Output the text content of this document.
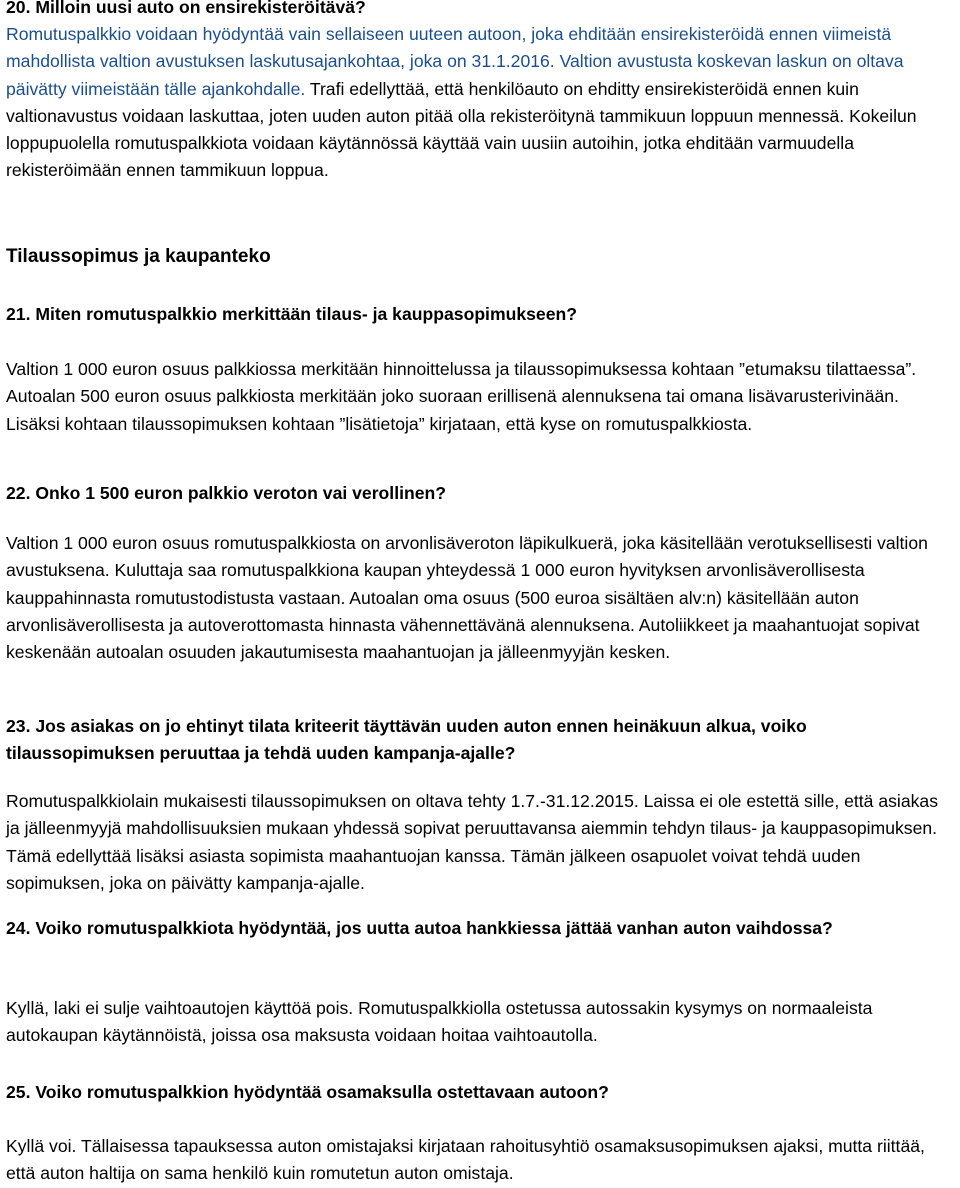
20. Milloin uusi auto on ensirekisteröitävä?

Romutuspalkkio voidaan hyödyntää vain sellaiseen uuteen autoon, joka ehditään ensirekisteröidä ennen viimeistä mahdollista valtion avustuksen laskutusajankohtaa, joka on 31.1.2016. Valtion avustusta koskevan laskun on oltava päivätty viimeistään tälle ajankohdalle. Trafi edellyttää, että henkilöauto on ehditty ensirekisteröidä ennen kuin valtionavustus voidaan laskuttaa, joten uuden auton pitää olla rekisteröitynä tammikuun loppuun mennessä. Kokeilun loppupuolella romutuspalkkiota voidaan käytännössä käyttää vain uusiin autoihin, jotka ehditään varmuudella rekisteröimään ennen tammikuun loppua.

Tilaussopimus ja kaupanteko

21. Miten romutuspalkkio merkittään tilaus- ja kauppasopimukseen?

Valtion 1 000 euron osuus palkkiossa merkitään hinnoittelussa ja tilaussopimuksessa kohtaan ”etumaksu tilattaessa”. Autoalan 500 euron osuus palkkiosta merkitään joko suoraan erillisenä alennuksena tai omana lisävarusterivinään. Lisäksi kohtaan tilaussopimuksen kohtaan ”lisätietoja” kirjataan, että kyse on romutuspalkkiosta.

22. Onko 1 500 euron palkkio veroton vai verollinen?

Valtion 1 000 euron osuus romutuspalkkiosta on arvonlisäveroton läpikulkuerä, joka käsitellään verotuksellisesti valtion avustuksena. Kuluttaja saa romutuspalkkiona kaupan yhteydessä 1 000 euron hyvityksen arvonlisäverollisesta kauppahinnasta romutustodistusta vastaan. Autoalan oma osuus (500 euroa sisältäen alv:n) käsitellään auton arvonlisäverollisesta ja autoverottomasta hinnasta vähennettävänä alennuksena. Autoliikkeet ja maahantuojat sopivat keskenään autoalan osuuden jakautumisesta maahantuojan ja jälleenmyyjän kesken.

23. Jos asiakas on jo ehtinyt tilata kriteerit täyttävän uuden auton ennen heinäkuun alkua, voiko tilaussopimuksen peruuttaa ja tehdä uuden kampanja-ajalle?

Romutuspalkkiolain mukaisesti tilaussopimuksen on oltava tehty 1.7.-31.12.2015. Laissa ei ole estettä sille, että asiakas ja jälleenmyyjä mahdollisuuksien mukaan yhdessä sopivat peruuttavansa aiemmin tehdyn tilaus- ja kauppasopimuksen. Tämä edellyttää lisäksi asiasta sopimista maahantuojan kanssa. Tämän jälkeen osapuolet voivat tehdä uuden sopimuksen, joka on päivätty kampanja-ajalle.

24. Voiko romutuspalkkiota hyödyntää, jos uutta autoa hankkiessa jättää vanhan auton vaihdossa?

Kyllä, laki ei sulje vaihtoautojen käyttöä pois. Romutuspalkkiolla ostetussa autossakin kysymys on normaaleista autokaupan käytännöistä, joissa osa maksusta voidaan hoitaa vaihtoautolla.

25. Voiko romutuspalkkion hyödyntää osamaksulla ostettavaan autoon?

Kyllä voi. Tällaisessa tapauksessa auton omistajaksi kirjataan rahoitusyhtiö osamaksusopimuksen ajaksi, mutta riittää, että auton haltija on sama henkilö kuin romutetun auton omistaja.
